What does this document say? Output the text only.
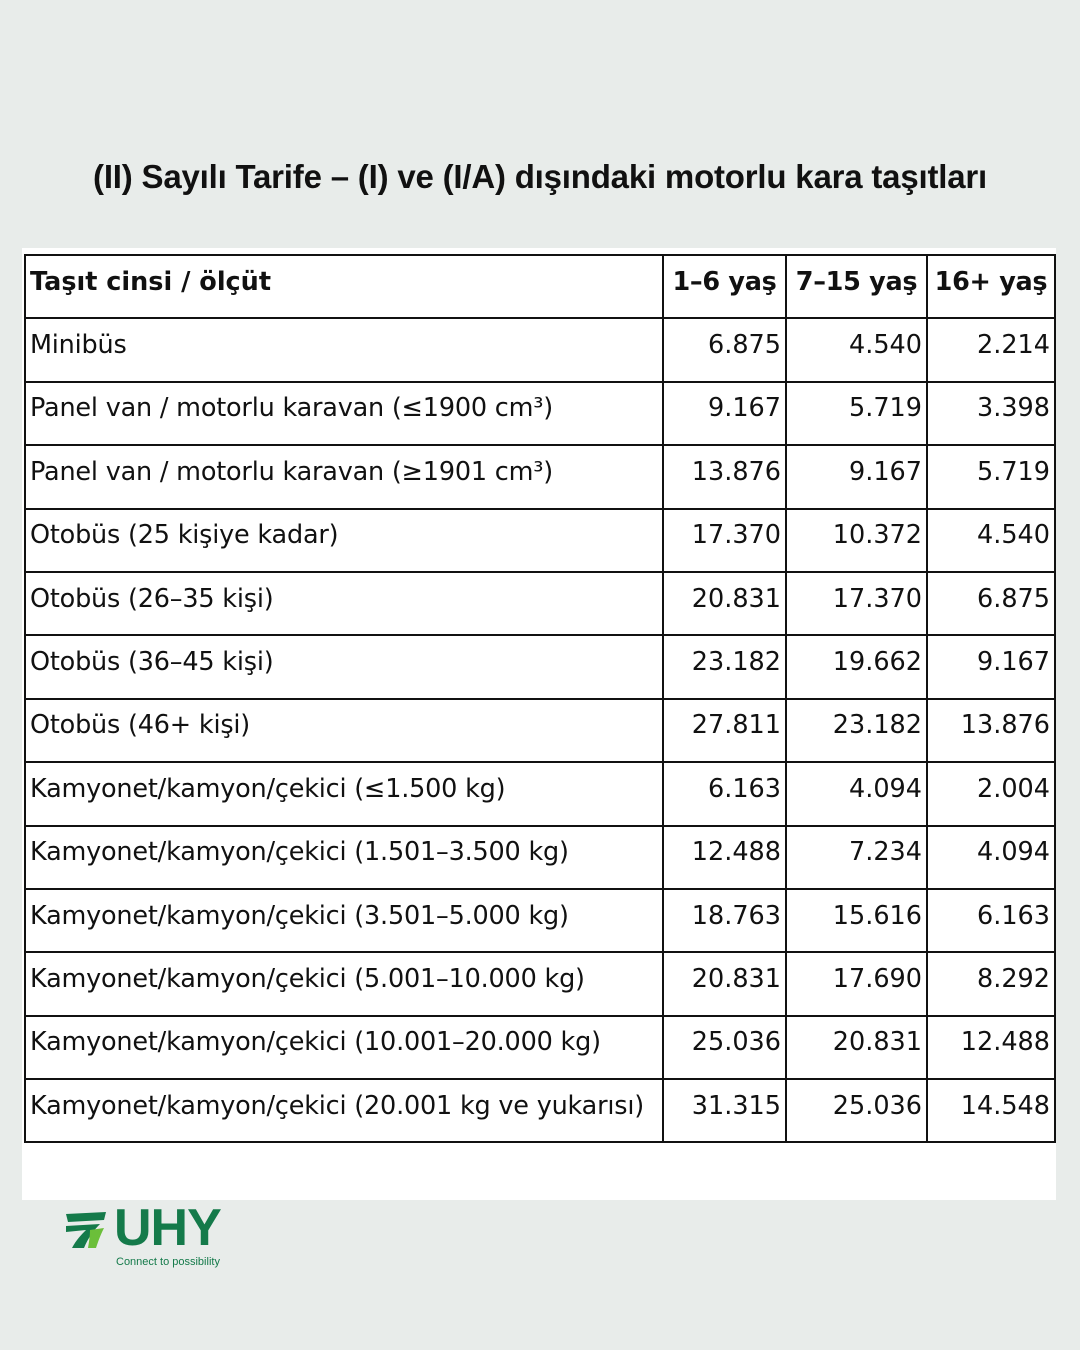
(II) Sayılı Tarife – (I) ve (I/A) dışındaki motorlu kara taşıtları
Taşıt cinsi / ölçüt	1–6 yaş	7–15 yaş	16+ yaş
Minibüs	6.875	4.540	2.214
Panel van / motorlu karavan (≤1900 cm³)	9.167	5.719	3.398
Panel van / motorlu karavan (≥1901 cm³)	13.876	9.167	5.719
Otobüs (25 kişiye kadar)	17.370	10.372	4.540
Otobüs (26–35 kişi)	20.831	17.370	6.875
Otobüs (36–45 kişi)	23.182	19.662	9.167
Otobüs (46+ kişi)	27.811	23.182	13.876
Kamyonet/kamyon/çekici (≤1.500 kg)	6.163	4.094	2.004
Kamyonet/kamyon/çekici (1.501–3.500 kg)	12.488	7.234	4.094
Kamyonet/kamyon/çekici (3.501–5.000 kg)	18.763	15.616	6.163
Kamyonet/kamyon/çekici (5.001–10.000 kg)	20.831	17.690	8.292
Kamyonet/kamyon/çekici (10.001–20.000 kg)	25.036	20.831	12.488
Kamyonet/kamyon/çekici (20.001 kg ve yukarısı)	31.315	25.036	14.548
UHY
Connect to possibility
